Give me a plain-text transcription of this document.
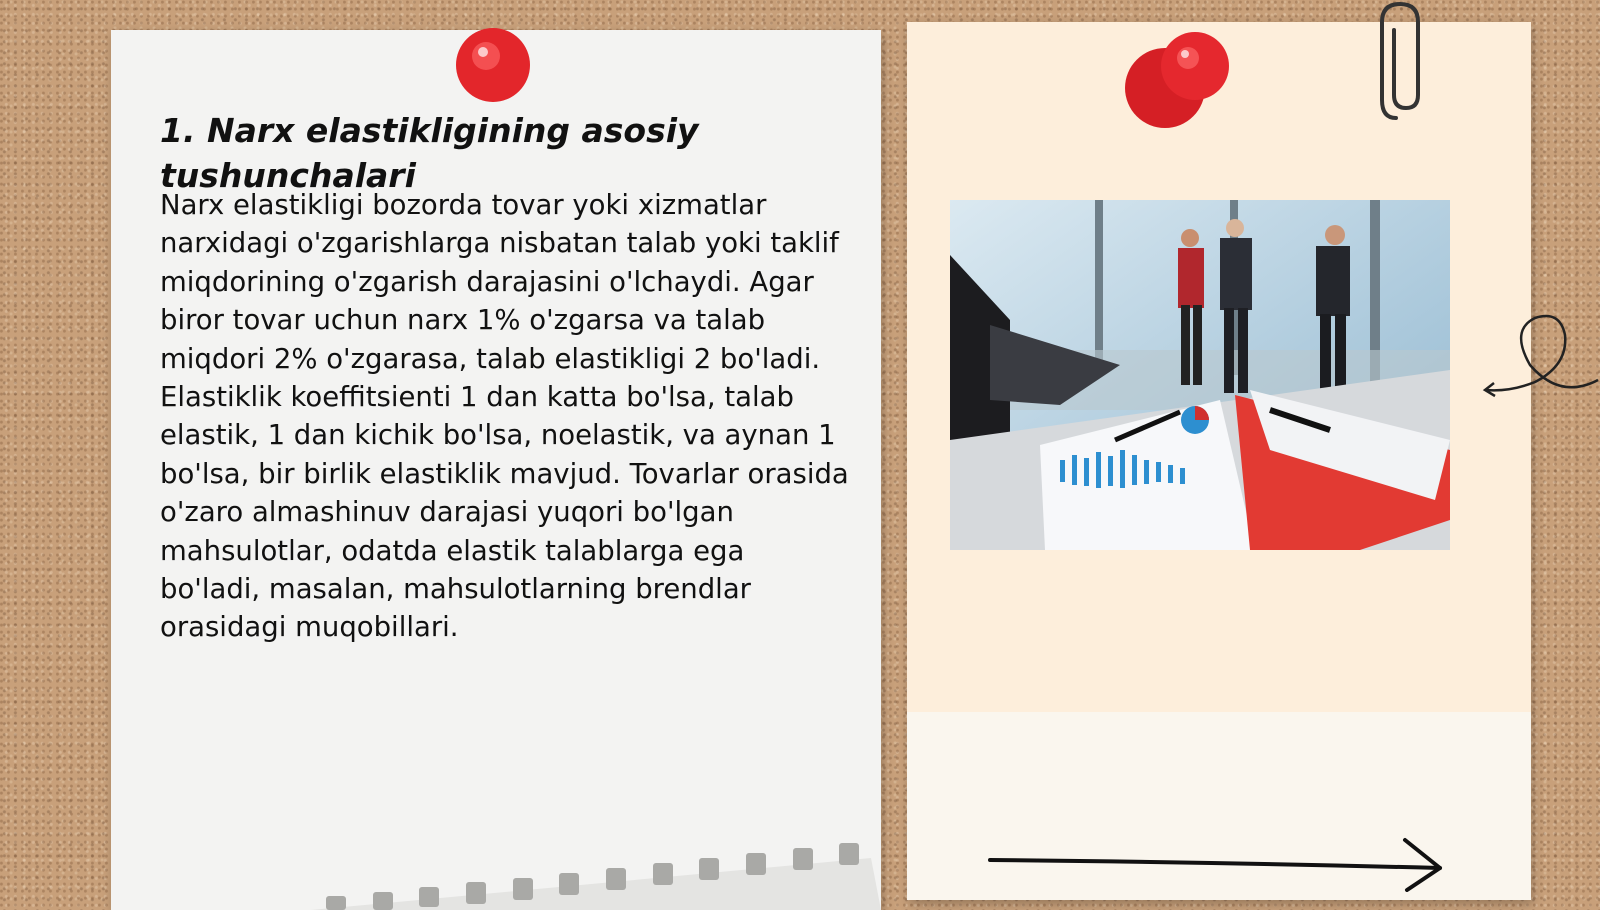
1. Narx elastikligining asosiy tushunchalari

Narx elastikligi bozorda tovar yoki xizmatlar narxidagi o'zgarishlarga nisbatan talab yoki taklif miqdorining o'zgarish darajasini o'lchaydi. Agar biror tovar uchun narx 1% o'zgarsa va talab miqdori 2% o'zgarasa, talab elastikligi 2 bo'ladi. Elastiklik koeffitsienti 1 dan katta bo'lsa, talab elastik, 1 dan kichik bo'lsa, noelastik, va aynan 1 bo'lsa, bir birlik elastiklik mavjud. Tovarlar orasida o'zaro almashinuv darajasi yuqori bo'lgan mahsulotlar, odatda elastik talablarga ega bo'ladi, masalan, mahsulotlarning brendlar orasidagi muqobillari.
